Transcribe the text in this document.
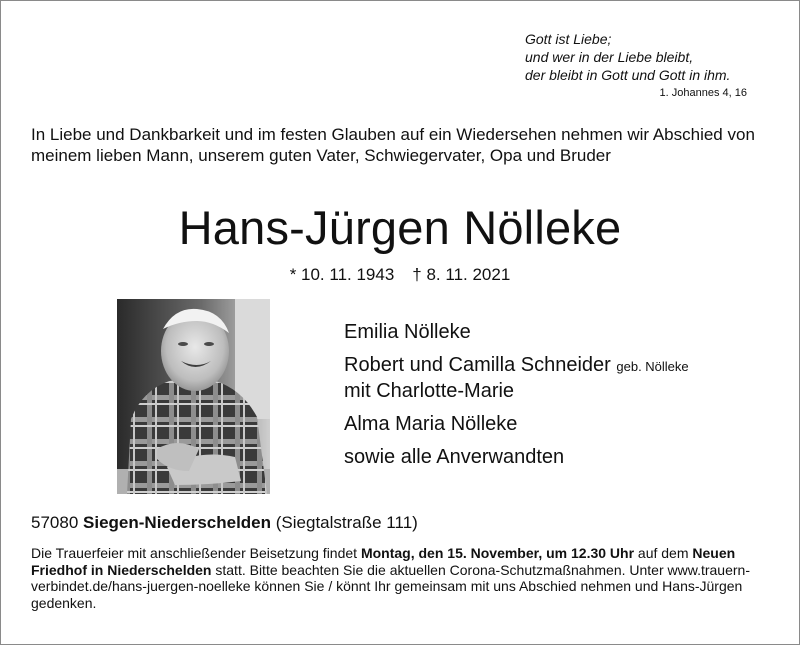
Gott ist Liebe;
und wer in der Liebe bleibt,
der bleibt in Gott und Gott in ihm.
1. Johannes 4, 16
In Liebe und Dankbarkeit und im festen Glauben auf ein Wiedersehen nehmen wir Abschied von meinem lieben Mann, unserem guten Vater, Schwiegervater, Opa und Bruder
Hans-Jürgen Nölleke
* 10. 11. 1943 † 8. 11. 2021
Emilia Nölleke
Robert und Camilla Schneider geb. Nölleke
mit Charlotte-Marie
Alma Maria Nölleke
sowie alle Anverwandten
57080 Siegen-Niederschelden (Siegtalstraße 111)
Die Trauerfeier mit anschließender Beisetzung findet Montag, den 15. November, um 12.30 Uhr auf dem Neuen Friedhof in Niederschelden statt. Bitte beachten Sie die aktuellen Corona-Schutzmaßnahmen. Unter www.trauern-verbindet.de/hans-juergen-noelleke können Sie / könnt Ihr gemeinsam mit uns Abschied nehmen und Hans-Jürgen gedenken.
